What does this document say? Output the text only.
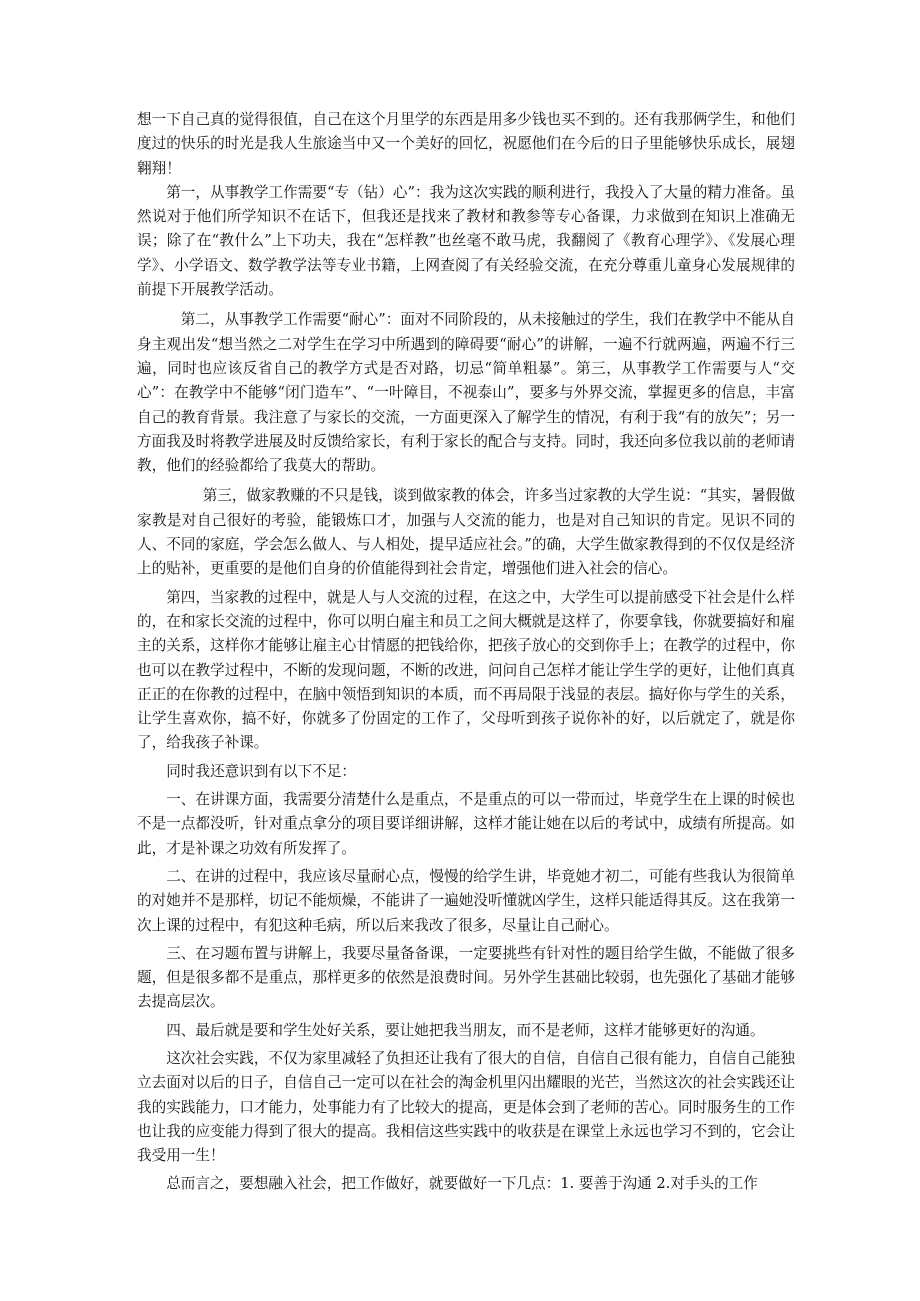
想一下自己真的觉得很值，自己在这个月里学的东西是用多少钱也买不到的。还有我那俩学生，和他们度过的快乐的时光是我人生旅途当中又一个美好的回忆，祝愿他们在今后的日子里能够快乐成长，展翅翱翔！

第一，从事教学工作需要“专（钻）心”：我为这次实践的顺利进行，我投入了大量的精力准备。虽然说对于他们所学知识不在话下，但我还是找来了教材和教参等专心备课，力求做到在知识上准确无误；除了在“教什么”上下功夫，我在“怎样教”也丝毫不敢马虎，我翻阅了《教育心理学》、《发展心理学》、小学语文、数学教学法等专业书籍，上网查阅了有关经验交流，在充分尊重儿童身心发展规律的前提下开展教学活动。

第二，从事教学工作需要“耐心”：面对不同阶段的，从未接触过的学生，我们在教学中不能从自身主观出发“想当然之二对学生在学习中所遇到的障碍要“耐心”的讲解，一遍不行就两遍，两遍不行三遍，同时也应该反省自己的教学方式是否对路，切忌“简单粗暴”。第三，从事教学工作需要与人“交心”：在教学中不能够“闭门造车”、“一叶障目，不视泰山”，要多与外界交流，掌握更多的信息，丰富自己的教育背景。我注意了与家长的交流，一方面更深入了解学生的情况，有利于我“有的放矢”；另一方面我及时将教学进展及时反馈给家长，有利于家长的配合与支持。同时，我还向多位我以前的老师请教，他们的经验都给了我莫大的帮助。

第三，做家教赚的不只是钱，谈到做家教的体会，许多当过家教的大学生说：“其实，暑假做家教是对自己很好的考验，能锻炼口才，加强与人交流的能力，也是对自己知识的肯定。见识不同的人、不同的家庭，学会怎么做人、与人相处，提早适应社会。”的确，大学生做家教得到的不仅仅是经济上的贴补，更重要的是他们自身的价值能得到社会肯定，增强他们进入社会的信心。

第四，当家教的过程中，就是人与人交流的过程，在这之中，大学生可以提前感受下社会是什么样的，在和家长交流的过程中，你可以明白雇主和员工之间大概就是这样了，你要拿钱，你就要搞好和雇主的关系，这样你才能够让雇主心甘情愿的把钱给你，把孩子放心的交到你手上；在教学的过程中，你也可以在教学过程中，不断的发现问题，不断的改进，问问自己怎样才能让学生学的更好，让他们真真正正的在你教的过程中，在脑中领悟到知识的本质，而不再局限于浅显的表层。搞好你与学生的关系，让学生喜欢你，搞不好，你就多了份固定的工作了，父母听到孩子说你补的好，以后就定了，就是你了，给我孩子补课。

同时我还意识到有以下不足：

一、在讲课方面，我需要分清楚什么是重点，不是重点的可以一带而过，毕竟学生在上课的时候也不是一点都没听，针对重点拿分的项目要详细讲解，这样才能让她在以后的考试中，成绩有所提高。如此，才是补课之功效有所发挥了。

二、在讲的过程中，我应该尽量耐心点，慢慢的给学生讲，毕竟她才初二，可能有些我认为很简单的对她并不是那样，切记不能烦燥，不能讲了一遍她没听懂就凶学生，这样只能适得其反。这在我第一次上课的过程中，有犯这种毛病，所以后来我改了很多，尽量让自己耐心。

三、在习题布置与讲解上，我要尽量备备课，一定要挑些有针对性的题目给学生做，不能做了很多题，但是很多都不是重点，那样更多的依然是浪费时间。另外学生甚础比较弱，也先强化了基础才能够去提高层次。

四、最后就是要和学生处好关系，要让她把我当朋友，而不是老师，这样才能够更好的沟通。

这次社会实践，不仅为家里减轻了负担还让我有了很大的自信，自信自己很有能力，自信自己能独立去面对以后的日子，自信自己一定可以在社会的淘金机里闪出耀眼的光芒，当然这次的社会实践还让我的实践能力，口才能力，处事能力有了比较大的提高，更是体会到了老师的苦心。同时服务生的工作也让我的应变能力得到了很大的提高。我相信这些实践中的收获是在课堂上永远也学习不到的，它会让我受用一生！

总而言之，要想融入社会，把工作做好，就要做好一下几点：1. 要善于沟通 2.对手头的工作
